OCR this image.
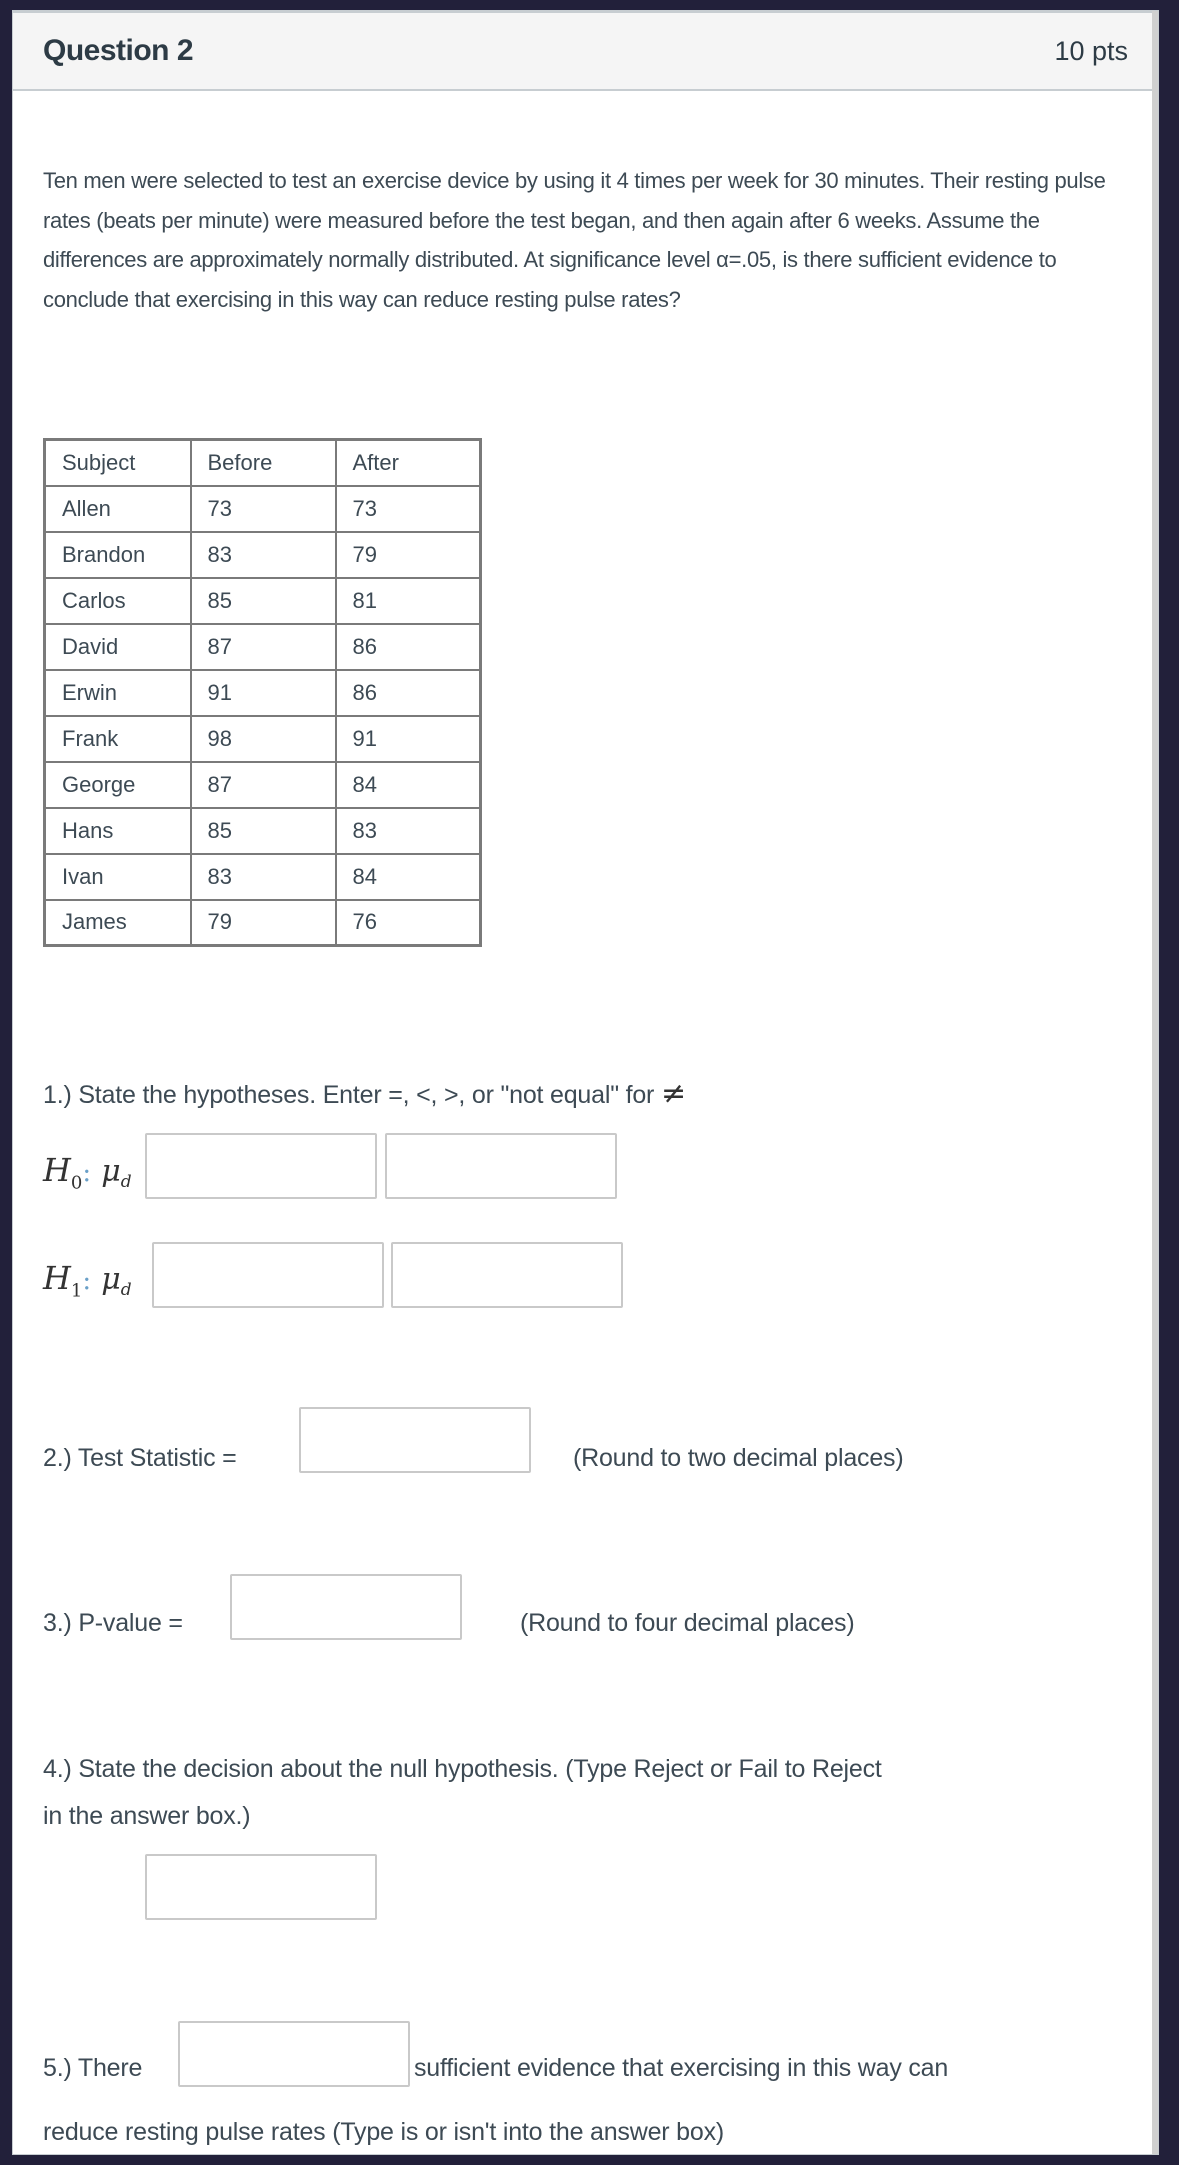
Question 2	10 pts
Ten men were selected to test an exercise device by using it 4 times per week for 30 minutes. Their resting pulse rates (beats per minute) were measured before the test began, and then again after 6 weeks. Assume the differences are approximately normally distributed. At significance level α=.05, is there sufficient evidence to conclude that exercising in this way can reduce resting pulse rates?
Subject	Before	After
Allen	73	73
Brandon	83	79
Carlos	85	81
David	87	86
Erwin	91	86
Frank	98	91
George	87	84
Hans	85	83
Ivan	83	84
James	79	76
1.) State the hypotheses. Enter =, <, >, or "not equal" for ≠
$H_0$: μd
$H_1$: μd
2.) Test Statistic =	(Round to two decimal places)
3.) P-value =	(Round to four decimal places)
4.) State the decision about the null hypothesis. (Type Reject or Fail to Reject
in the answer box.)
5.) There	sufficient evidence that exercising in this way can
reduce resting pulse rates (Type is or isn't into the answer box)
